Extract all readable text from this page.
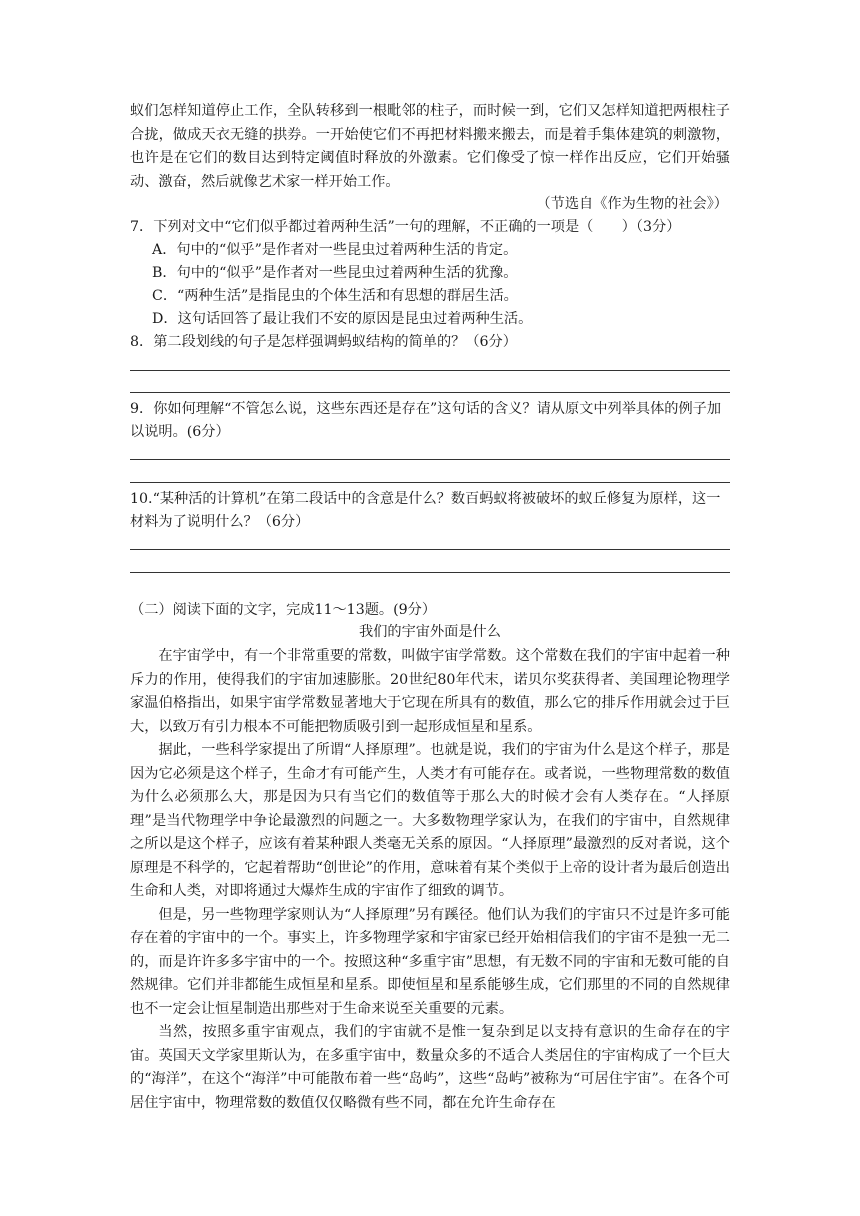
蚁们怎样知道停止工作，全队转移到一根毗邻的柱子，而时候一到，它们又怎样知道把两根柱子合拢，做成天衣无缝的拱券。一开始使它们不再把材料搬来搬去，而是着手集体建筑的刺激物，也许是在它们的数目达到特定阈值时释放的外激素。它们像受了惊一样作出反应，它们开始骚动、激奋，然后就像艺术家一样开始工作。

（节选自《作为生物的社会》）
7．下列对文中“它们似乎都过着两种生活”一句的理解，不正确的一项是（　　）（3分）
A．句中的“似乎”是作者对一些昆虫过着两种生活的肯定。
B．句中的“似乎”是作者对一些昆虫过着两种生活的犹豫。
C．“两种生活”是指昆虫的个体生活和有思想的群居生活。
D．这句话回答了最让我们不安的原因是昆虫过着两种生活。
8．第二段划线的句子是怎样强调蚂蚁结构的简单的？（6分）
9．你如何理解“不管怎么说，这些东西还是存在”这句话的含义？请从原文中列举具体的例子加以说明。(6分）
10.“某种活的计算机”在第二段话中的含意是什么？数百蚂蚁将被破坏的蚁丘修复为原样，这一材料为了说明什么？（6分）
（二）阅读下面的文字，完成11～13题。(9分）
我们的宇宙外面是什么

在宇宙学中，有一个非常重要的常数，叫做宇宙学常数。这个常数在我们的宇宙中起着一种斥力的作用，使得我们的宇宙加速膨胀。20世纪80年代末，诺贝尔奖获得者、美国理论物理学家温伯格指出，如果宇宙学常数显著地大于它现在所具有的数值，那么它的排斥作用就会过于巨大，以致万有引力根本不可能把物质吸引到一起形成恒星和星系。

据此，一些科学家提出了所谓“人择原理”。也就是说，我们的宇宙为什么是这个样子，那是因为它必须是这个样子，生命才有可能产生，人类才有可能存在。或者说，一些物理常数的数值为什么必须那么大，那是因为只有当它们的数值等于那么大的时候才会有人类存在。“人择原理”是当代物理学中争论最激烈的问题之一。大多数物理学家认为，在我们的宇宙中，自然规律之所以是这个样子，应该有着某种跟人类毫无关系的原因。“人择原理”最激烈的反对者说，这个原理是不科学的，它起着帮助“创世论”的作用，意味着有某个类似于上帝的设计者为最后创造出生命和人类，对即将通过大爆炸生成的宇宙作了细致的调节。

但是，另一些物理学家则认为“人择原理”另有蹊径。他们认为我们的宇宙只不过是许多可能存在着的宇宙中的一个。事实上，许多物理学家和宇宙家已经开始相信我们的宇宙不是独一无二的，而是许许多多宇宙中的一个。按照这种“多重宇宙”思想，有无数不同的宇宙和无数可能的自然规律。它们并非都能生成恒星和星系。即使恒星和星系能够生成，它们那里的不同的自然规律也不一定会让恒星制造出那些对于生命来说至关重要的元素。

当然，按照多重宇宙观点，我们的宇宙就不是惟一复杂到足以支持有意识的生命存在的宇宙。英国天文学家里斯认为，在多重宇宙中，数量众多的不适合人类居住的宇宙构成了一个巨大的“海洋”，在这个“海洋”中可能散布着一些“岛屿”，这些“岛屿”被称为“可居住宇宙”。在各个可居住宇宙中，物理常数的数值仅仅略微有些不同，都在允许生命存在
